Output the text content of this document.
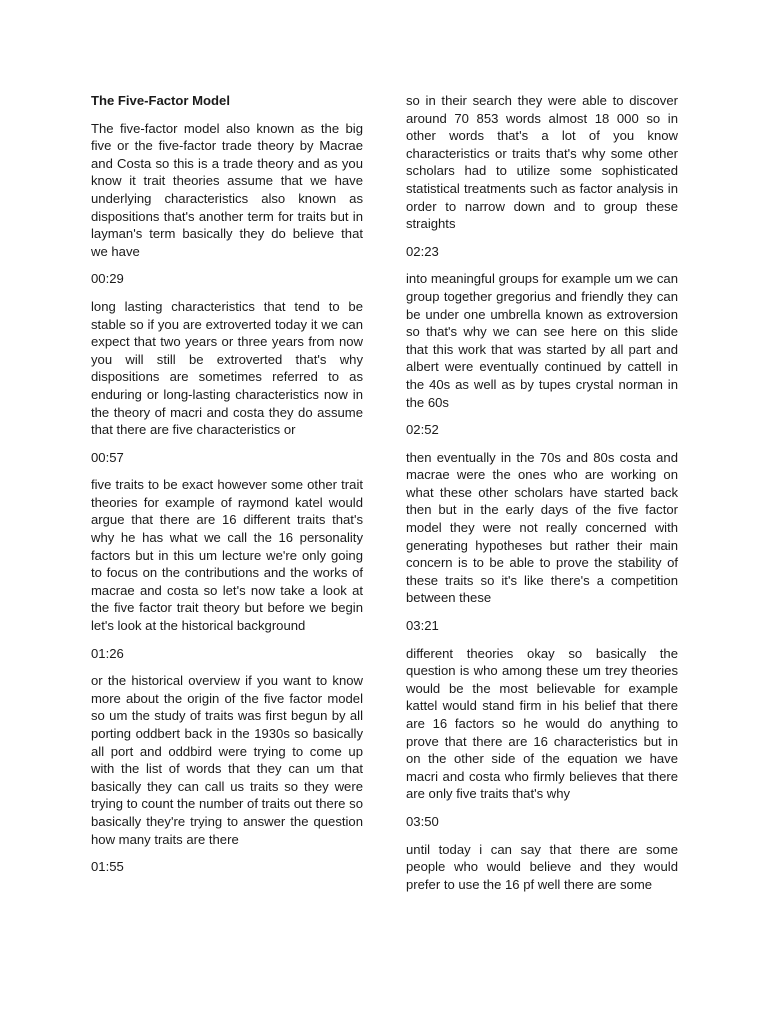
The Five-Factor Model
The five-factor model also known as the big five or the five-factor trade theory by Macrae and Costa so this is a trade theory and as you know it trait theories assume that we have underlying characteristics also known as dispositions that's another term for traits but in layman's term basically they do believe that we have
00:29
long lasting characteristics that tend to be stable so if you are extroverted today it we can expect that two years or three years from now you will still be extroverted that's why dispositions are sometimes referred to as enduring or long-lasting characteristics now in the theory of macri and costa they do assume that there are five characteristics or
00:57
five traits to be exact however some other trait theories for example of raymond katel would argue that there are 16 different traits that's why he has what we call the 16 personality factors but in this um lecture we're only going to focus on the contributions and the works of macrae and costa so let's now take a look at the five factor trait theory but before we begin let's look at the historical background
01:26
or the historical overview if you want to know more about the origin of the five factor model so um the study of traits was first begun by all porting oddbert back in the 1930s so basically all port and oddbird were trying to come up with the list of words that they can um that basically they can call us traits so they were trying to count the number of traits out there so basically they're trying to answer the question how many traits are there
01:55
so in their search they were able to discover around 70 853 words almost 18 000 so in other words that's a lot of you know characteristics or traits that's why some other scholars had to utilize some sophisticated statistical treatments such as factor analysis in order to narrow down and to group these straights
02:23
into meaningful groups for example um we can group together gregorius and friendly they can be under one umbrella known as extroversion so that's why we can see here on this slide that this work that was started by all part and albert were eventually continued by cattell in the 40s as well as by tupes crystal norman in the 60s
02:52
then eventually in the 70s and 80s costa and macrae were the ones who are working on what these other scholars have started back then but in the early days of the five factor model they were not really concerned with generating hypotheses but rather their main concern is to be able to prove the stability of these traits so it's like there's a competition between these
03:21
different theories okay so basically the question is who among these um trey theories would be the most believable for example kattel would stand firm in his belief that there are 16 factors so he would do anything to prove that there are 16 characteristics but in on the other side of the equation we have macri and costa who firmly believes that there are only five traits that's why
03:50
until today i can say that there are some people who would believe and they would prefer to use the 16 pf well there are some
